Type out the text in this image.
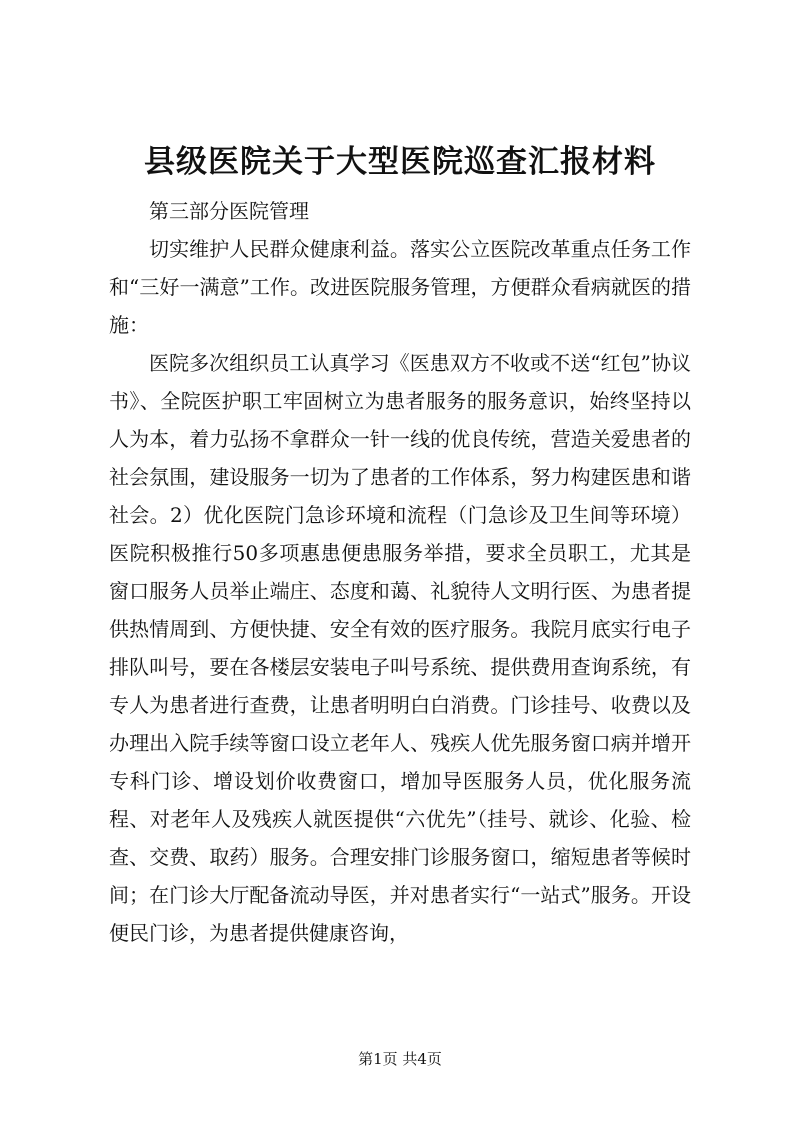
县级医院关于大型医院巡查汇报材料

第三部分医院管理

切实维护人民群众健康利益。落实公立医院改革重点任务工作和“三好一满意”工作。改进医院服务管理，方便群众看病就医的措施：

医院多次组织员工认真学习《医患双方不收或不送“红包”协议书》、全院医护职工牢固树立为患者服务的服务意识，始终坚持以人为本，着力弘扬不拿群众一针一线的优良传统，营造关爱患者的社会氛围，建设服务一切为了患者的工作体系，努力构建医患和谐社会。2）优化医院门急诊环境和流程（门急诊及卫生间等环境）医院积极推行50多项惠患便患服务举措，要求全员职工，尤其是窗口服务人员举止端庄、态度和蔼、礼貌待人文明行医、为患者提供热情周到、方便快捷、安全有效的医疗服务。我院月底实行电子排队叫号，要在各楼层安装电子叫号系统、提供费用查询系统，有专人为患者进行查费，让患者明明白白消费。门诊挂号、收费以及办理出入院手续等窗口设立老年人、残疾人优先服务窗口病并增开专科门诊、增设划价收费窗口，增加导医服务人员，优化服务流程、对老年人及残疾人就医提供“六优先”（挂号、就诊、化验、检查、交费、取药）服务。合理安排门诊服务窗口，缩短患者等候时间；在门诊大厅配备流动导医，并对患者实行“一站式”服务。开设便民门诊，为患者提供健康咨询，

第1页 共4页
